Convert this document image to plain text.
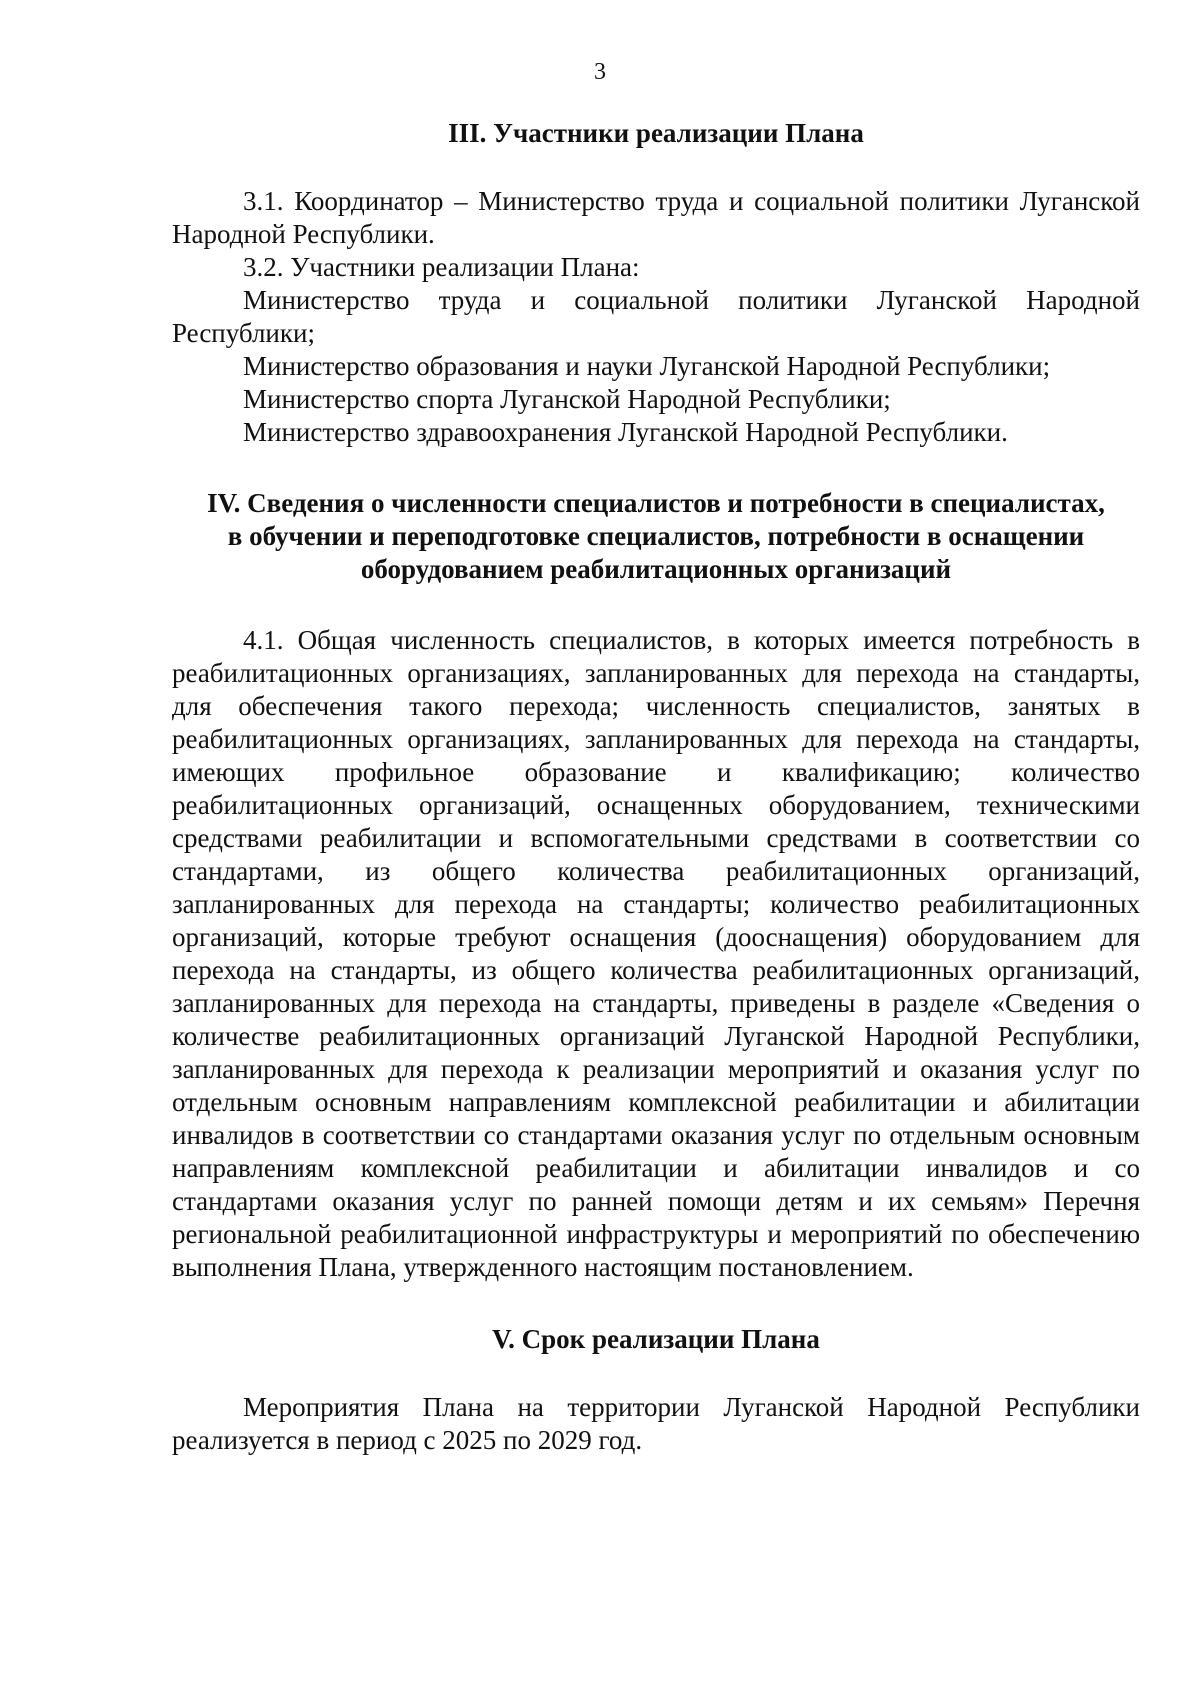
3
III. Участники реализации Плана

3.1. Координатор – Министерство труда и социальной политики Луганской Народной Республики.

3.2. Участники реализации Плана:

Министерство труда и социальной политики Луганской Народной Республики;

Министерство образования и науки Луганской Народной Республики;

Министерство спорта Луганской Народной Республики;

Министерство здравоохранения Луганской Народной Республики.

IV. Сведения о численности специалистов и потребности в специалистах,
в обучении и переподготовке специалистов, потребности в оснащении
оборудованием реабилитационных организаций

4.1. Общая численность специалистов, в которых имеется потребность в реабилитационных организациях, запланированных для перехода на стандарты, для обеспечения такого перехода; численность специалистов, занятых в реабилитационных организациях, запланированных для перехода на стандарты, имеющих профильное образование и квалификацию; количество реабилитационных организаций, оснащенных оборудованием, техническими средствами реабилитации и вспомогательными средствами в соответствии со стандартами, из общего количества реабилитационных организаций, запланированных для перехода на стандарты; количество реабилитационных организаций, которые требуют оснащения (дооснащения) оборудованием для перехода на стандарты, из общего количества реабилитационных организаций, запланированных для перехода на стандарты, приведены в разделе «Сведения о количестве реабилитационных организаций Луганской Народной Республики, запланированных для перехода к реализации мероприятий и оказания услуг по отдельным основным направлениям комплексной реабилитации и абилитации инвалидов в соответствии со стандартами оказания услуг по отдельным основным направлениям комплексной реабилитации и абилитации инвалидов и со стандартами оказания услуг по ранней помощи детям и их семьям» Перечня региональной реабилитационной инфраструктуры и мероприятий по обеспечению выполнения Плана, утвержденного настоящим постановлением.

V. Срок реализации Плана

Мероприятия Плана на территории Луганской Народной Республики реализуется в период с 2025 по 2029 год.
